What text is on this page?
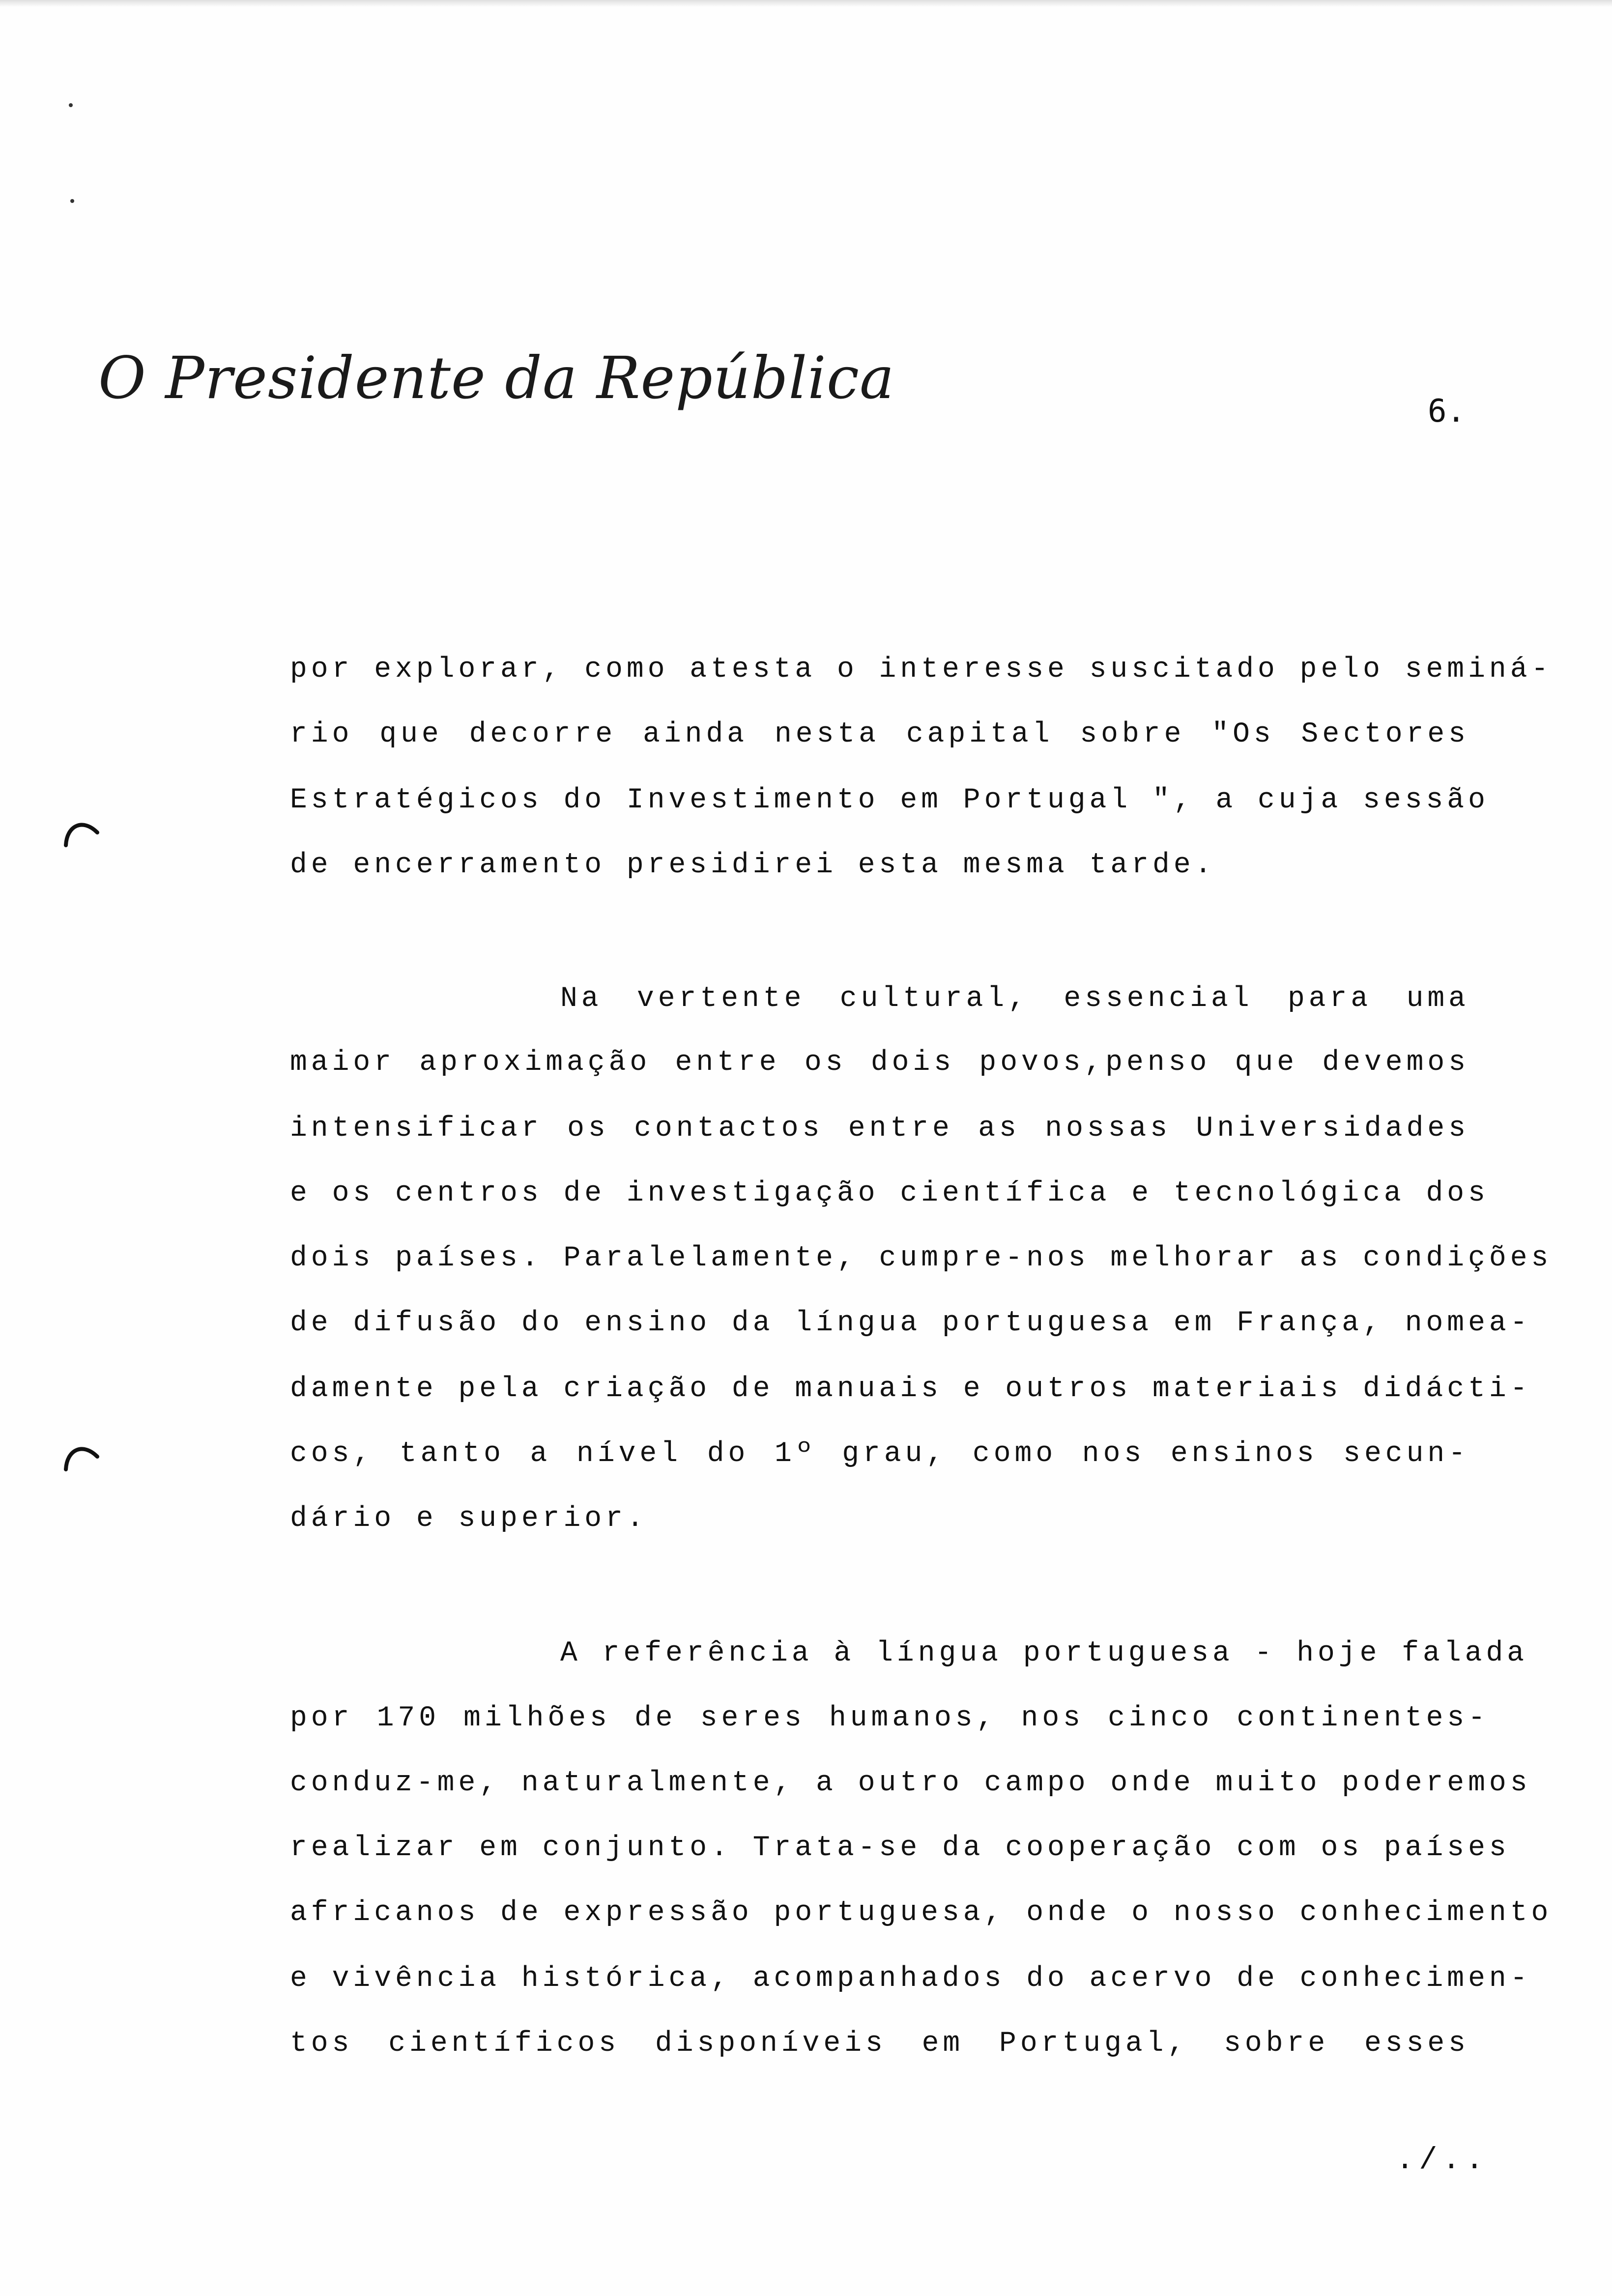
O Presidente da República	6.
por explorar, como atesta o interesse suscitado pelo seminá-
rio que decorre ainda nesta capital sobre "Os Sectores
Estratégicos do Investimento em Portugal ", a cuja sessão
de encerramento presidirei esta mesma tarde.
Na vertente cultural, essencial para uma
maior aproximação entre os dois povos,penso que devemos
intensificar os contactos entre as nossas Universidades
e os centros de investigação científica e tecnológica dos
dois países. Paralelamente, cumpre-nos melhorar as condições
de difusão do ensino da língua portuguesa em França, nomea-
damente pela criação de manuais e outros materiais didácti-
cos, tanto a nível do 1º grau, como nos ensinos secun-
dário e superior.
A referência à língua portuguesa - hoje falada
por 170 milhões de seres humanos, nos cinco continentes-
conduz-me, naturalmente, a outro campo onde muito poderemos
realizar em conjunto. Trata-se da cooperação com os países
africanos de expressão portuguesa, onde o nosso conhecimento
e vivência histórica, acompanhados do acervo de conhecimen-
tos científicos disponíveis em Portugal, sobre esses
./..
